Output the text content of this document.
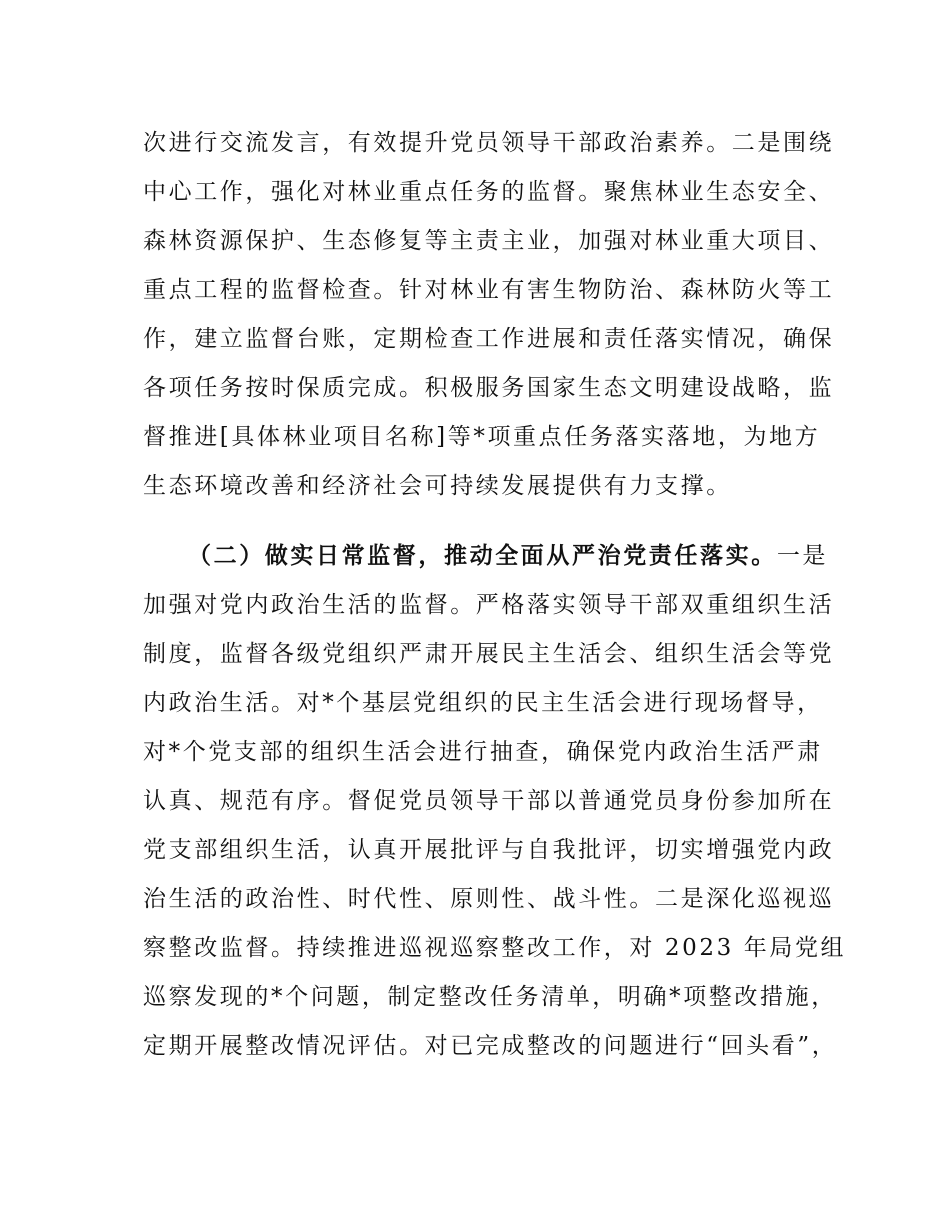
次进行交流发言，有效提升党员领导干部政治素养。二是围绕
中心工作，强化对林业重点任务的监督。聚焦林业生态安全、
森林资源保护、生态修复等主责主业，加强对林业重大项目、
重点工程的监督检查。针对林业有害生物防治、森林防火等工
作，建立监督台账，定期检查工作进展和责任落实情况，确保
各项任务按时保质完成。积极服务国家生态文明建设战略，监
督推进[具体林业项目名称]等*项重点任务落实落地，为地方
生态环境改善和经济社会可持续发展提供有力支撑。
（二）做实日常监督，推动全面从严治党责任落实。一是
加强对党内政治生活的监督。严格落实领导干部双重组织生活
制度，监督各级党组织严肃开展民主生活会、组织生活会等党
内政治生活。对*个基层党组织的民主生活会进行现场督导，
对*个党支部的组织生活会进行抽查，确保党内政治生活严肃
认真、规范有序。督促党员领导干部以普通党员身份参加所在
党支部组织生活，认真开展批评与自我批评，切实增强党内政
治生活的政治性、时代性、原则性、战斗性。二是深化巡视巡
察整改监督。持续推进巡视巡察整改工作，对 2023 年局党组
巡察发现的*个问题，制定整改任务清单，明确*项整改措施，
定期开展整改情况评估。对已完成整改的问题进行“回头看”，
